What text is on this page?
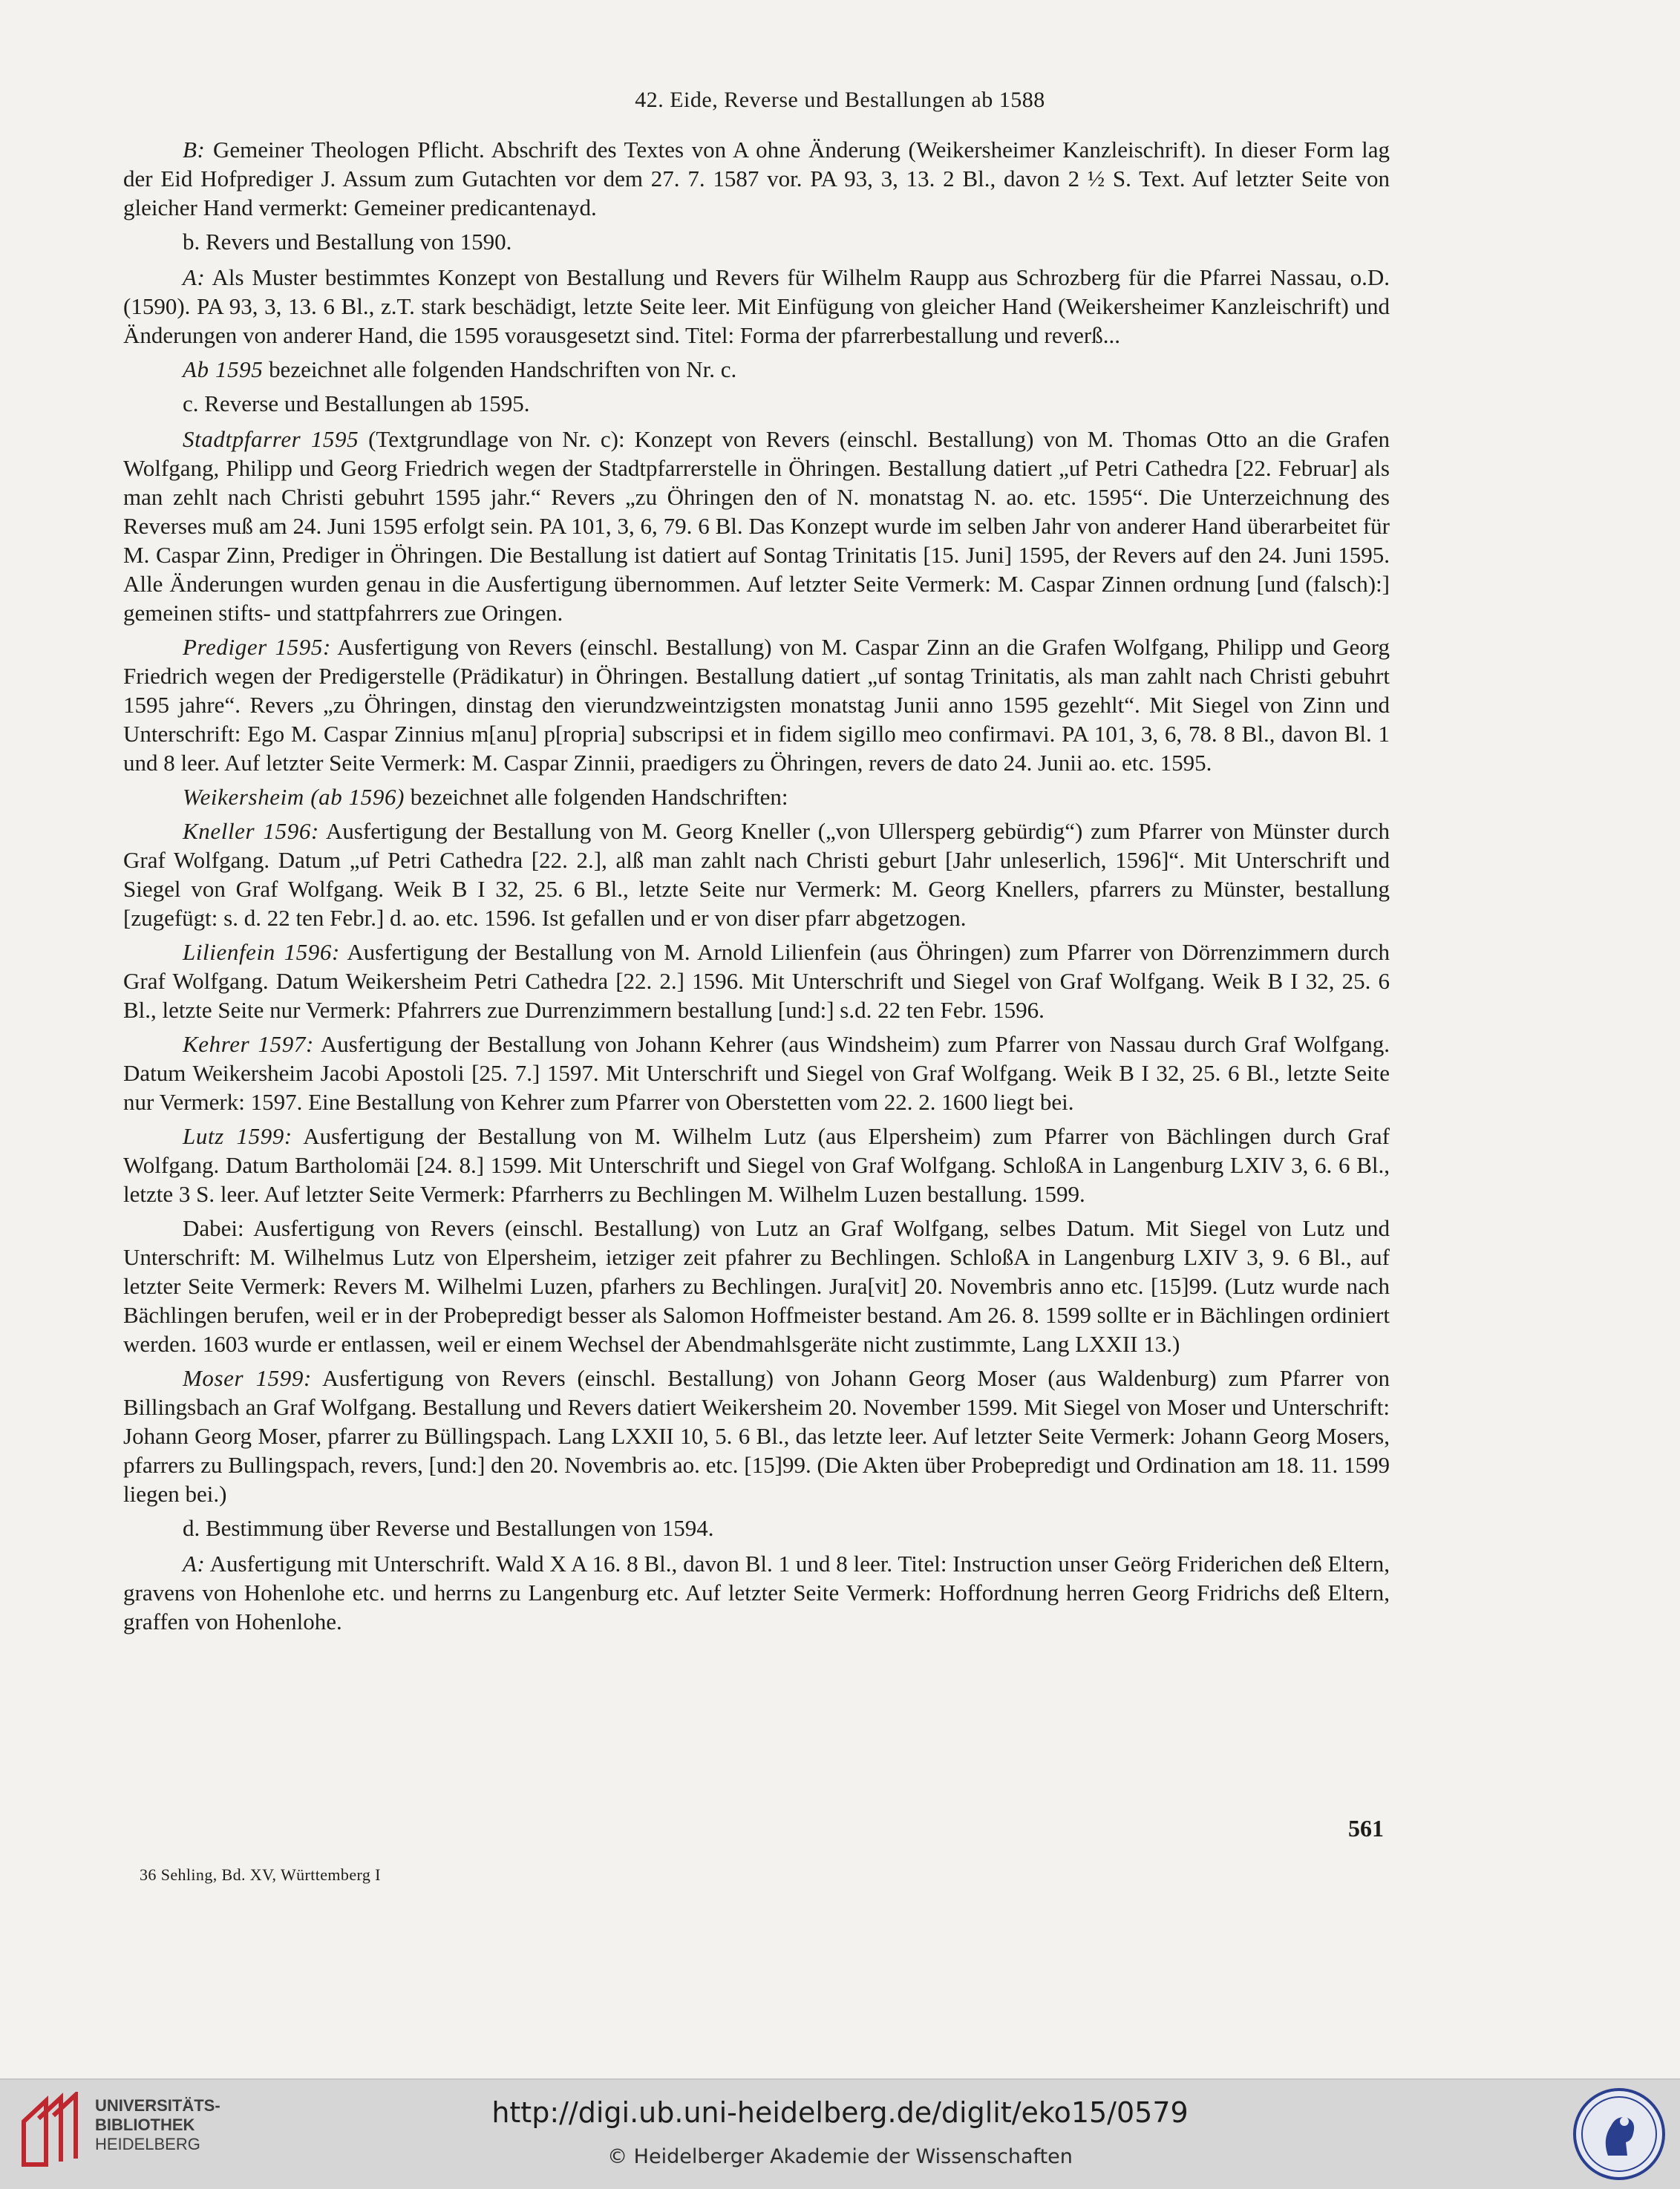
42. Eide, Reverse und Bestallungen ab 1588

B: Gemeiner Theologen Pflicht. Abschrift des Textes von A ohne Änderung (Weikersheimer Kanzleischrift). In dieser Form lag der Eid Hofprediger J. Assum zum Gutachten vor dem 27. 7. 1587 vor. PA 93, 3, 13. 2 Bl., davon 2 ½ S. Text. Auf letzter Seite von gleicher Hand vermerkt: Gemeiner predicantenayd.

b. Revers und Bestallung von 1590.

A: Als Muster bestimmtes Konzept von Bestallung und Revers für Wilhelm Raupp aus Schrozberg für die Pfarrei Nassau, o.D. (1590). PA 93, 3, 13. 6 Bl., z.T. stark beschädigt, letzte Seite leer. Mit Einfügung von gleicher Hand (Weikersheimer Kanzleischrift) und Änderungen von anderer Hand, die 1595 vorausgesetzt sind. Titel: Forma der pfarrerbestallung und reverß...

Ab 1595 bezeichnet alle folgenden Handschriften von Nr. c.

c. Reverse und Bestallungen ab 1595.

Stadtpfarrer 1595 (Textgrundlage von Nr. c): Konzept von Revers (einschl. Bestallung) von M. Thomas Otto an die Grafen Wolfgang, Philipp und Georg Friedrich wegen der Stadtpfarrerstelle in Öhringen. Bestallung datiert „uf Petri Cathedra [22. Februar] als man zehlt nach Christi gebuhrt 1595 jahr.“ Revers „zu Öhringen den of N. monatstag N. ao. etc. 1595“. Die Unterzeichnung des Reverses muß am 24. Juni 1595 erfolgt sein. PA 101, 3, 6, 79. 6 Bl. Das Konzept wurde im selben Jahr von anderer Hand überarbeitet für M. Caspar Zinn, Prediger in Öhringen. Die Bestallung ist datiert auf Sontag Trinitatis [15. Juni] 1595, der Revers auf den 24. Juni 1595. Alle Änderungen wurden genau in die Ausfertigung übernommen. Auf letzter Seite Vermerk: M. Caspar Zinnen ordnung [und (falsch):] gemeinen stifts- und stattpfahrrers zue Oringen.

Prediger 1595: Ausfertigung von Revers (einschl. Bestallung) von M. Caspar Zinn an die Grafen Wolfgang, Philipp und Georg Friedrich wegen der Predigerstelle (Prädikatur) in Öhringen. Bestallung datiert „uf sontag Trinitatis, als man zahlt nach Christi gebuhrt 1595 jahre“. Revers „zu Öhringen, dinstag den vierundzweintzigsten monatstag Junii anno 1595 gezehlt“. Mit Siegel von Zinn und Unterschrift: Ego M. Caspar Zinnius m[anu] p[ropria] subscripsi et in fidem sigillo meo confirmavi. PA 101, 3, 6, 78. 8 Bl., davon Bl. 1 und 8 leer. Auf letzter Seite Vermerk: M. Caspar Zinnii, praedigers zu Öhringen, revers de dato 24. Junii ao. etc. 1595.

Weikersheim (ab 1596) bezeichnet alle folgenden Handschriften:

Kneller 1596: Ausfertigung der Bestallung von M. Georg Kneller („von Ullersperg gebürdig“) zum Pfarrer von Münster durch Graf Wolfgang. Datum „uf Petri Cathedra [22. 2.], alß man zahlt nach Christi geburt [Jahr unleserlich, 1596]“. Mit Unterschrift und Siegel von Graf Wolfgang. Weik B I 32, 25. 6 Bl., letzte Seite nur Vermerk: M. Georg Knellers, pfarrers zu Münster, bestallung [zugefügt: s. d. 22 ten Febr.] d. ao. etc. 1596. Ist gefallen und er von diser pfarr abgetzogen.

Lilienfein 1596: Ausfertigung der Bestallung von M. Arnold Lilienfein (aus Öhringen) zum Pfarrer von Dörrenzimmern durch Graf Wolfgang. Datum Weikersheim Petri Cathedra [22. 2.] 1596. Mit Unterschrift und Siegel von Graf Wolfgang. Weik B I 32, 25. 6 Bl., letzte Seite nur Vermerk: Pfahrrers zue Durrenzimmern bestallung [und:] s.d. 22 ten Febr. 1596.

Kehrer 1597: Ausfertigung der Bestallung von Johann Kehrer (aus Windsheim) zum Pfarrer von Nassau durch Graf Wolfgang. Datum Weikersheim Jacobi Apostoli [25. 7.] 1597. Mit Unterschrift und Siegel von Graf Wolfgang. Weik B I 32, 25. 6 Bl., letzte Seite nur Vermerk: 1597. Eine Bestallung von Kehrer zum Pfarrer von Oberstetten vom 22. 2. 1600 liegt bei.

Lutz 1599: Ausfertigung der Bestallung von M. Wilhelm Lutz (aus Elpersheim) zum Pfarrer von Bächlingen durch Graf Wolfgang. Datum Bartholomäi [24. 8.] 1599. Mit Unterschrift und Siegel von Graf Wolfgang. SchloßA in Langenburg LXIV 3, 6. 6 Bl., letzte 3 S. leer. Auf letzter Seite Vermerk: Pfarrherrs zu Bechlingen M. Wilhelm Luzen bestallung. 1599.

Dabei: Ausfertigung von Revers (einschl. Bestallung) von Lutz an Graf Wolfgang, selbes Datum. Mit Siegel von Lutz und Unterschrift: M. Wilhelmus Lutz von Elpersheim, ietziger zeit pfahrer zu Bechlingen. SchloßA in Langenburg LXIV 3, 9. 6 Bl., auf letzter Seite Vermerk: Revers M. Wilhelmi Luzen, pfarhers zu Bechlingen. Jura[vit] 20. Novembris anno etc. [15]99. (Lutz wurde nach Bächlingen berufen, weil er in der Probepredigt besser als Salomon Hoffmeister bestand. Am 26. 8. 1599 sollte er in Bächlingen ordiniert werden. 1603 wurde er entlassen, weil er einem Wechsel der Abendmahlsgeräte nicht zustimmte, Lang LXXII 13.)

Moser 1599: Ausfertigung von Revers (einschl. Bestallung) von Johann Georg Moser (aus Waldenburg) zum Pfarrer von Billingsbach an Graf Wolfgang. Bestallung und Revers datiert Weikersheim 20. November 1599. Mit Siegel von Moser und Unterschrift: Johann Georg Moser, pfarrer zu Büllingspach. Lang LXXII 10, 5. 6 Bl., das letzte leer. Auf letzter Seite Vermerk: Johann Georg Mosers, pfarrers zu Bullingspach, revers, [und:] den 20. Novembris ao. etc. [15]99. (Die Akten über Probepredigt und Ordination am 18. 11. 1599 liegen bei.)

d. Bestimmung über Reverse und Bestallungen von 1594.

A: Ausfertigung mit Unterschrift. Wald X A 16. 8 Bl., davon Bl. 1 und 8 leer. Titel: Instruction unser Geörg Friderichen deß Eltern, gravens von Hohenlohe etc. und herrns zu Langenburg etc. Auf letzter Seite Vermerk: Hoffordnung herren Georg Fridrichs deß Eltern, graffen von Hohenlohe.

561
36 Sehling, Bd. XV, Württemberg I
UNIVERSITÄTS-
BIBLIOTHEK
HEIDELBERG
http://digi.ub.uni-heidelberg.de/diglit/eko15/0579
© Heidelberger Akademie der Wissenschaften
